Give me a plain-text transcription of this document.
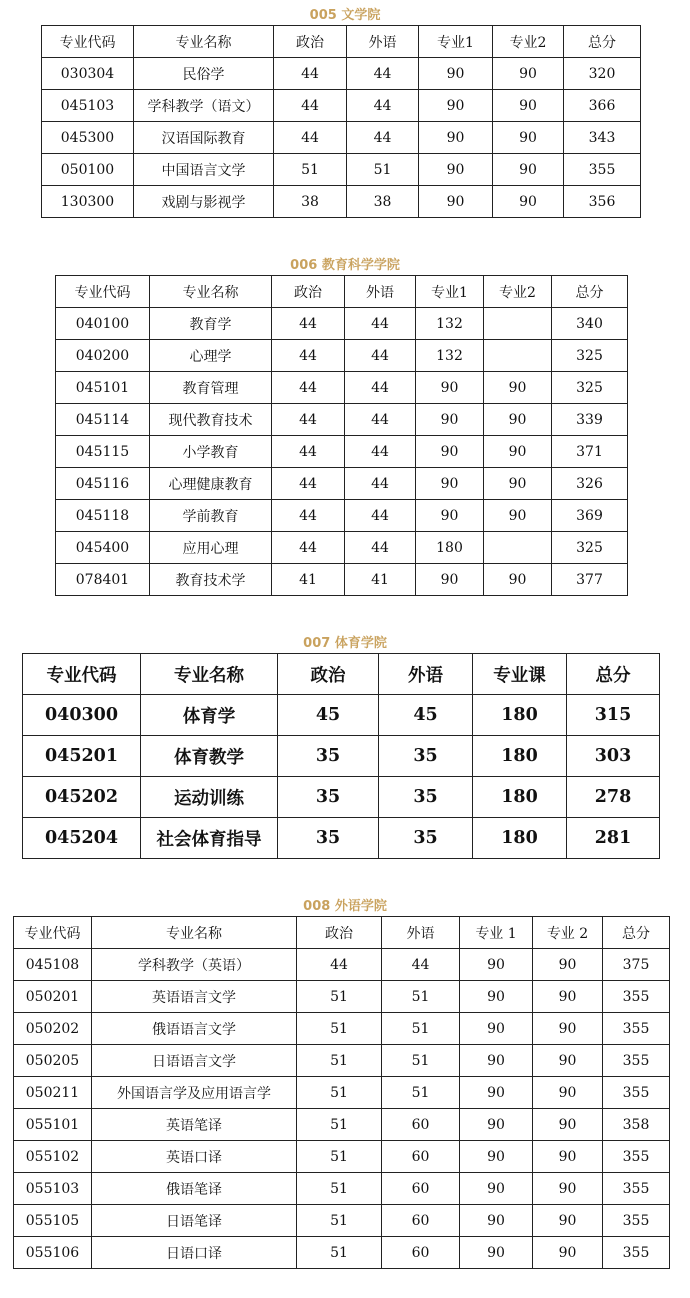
005 文学院
专业代码	专业名称	政治	外语	专业1	专业2	总分
030304	民俗学	44	44	90	90	320
045103	学科教学（语文）	44	44	90	90	366
045300	汉语国际教育	44	44	90	90	343
050100	中国语言文学	51	51	90	90	355
130300	戏剧与影视学	38	38	90	90	356
006 教育科学学院
专业代码	专业名称	政治	外语	专业1	专业2	总分
040100	教育学	44	44	132		340
040200	心理学	44	44	132		325
045101	教育管理	44	44	90	90	325
045114	现代教育技术	44	44	90	90	339
045115	小学教育	44	44	90	90	371
045116	心理健康教育	44	44	90	90	326
045118	学前教育	44	44	90	90	369
045400	应用心理	44	44	180		325
078401	教育技术学	41	41	90	90	377
007 体育学院
专业代码	专业名称	政治	外语	专业课	总分
040300	体育学	45	45	180	315
045201	体育教学	35	35	180	303
045202	运动训练	35	35	180	278
045204	社会体育指导	35	35	180	281
008 外语学院
专业代码	专业名称	政治	外语	专业 1	专业 2	总分
045108	学科教学（英语）	44	44	90	90	375
050201	英语语言文学	51	51	90	90	355
050202	俄语语言文学	51	51	90	90	355
050205	日语语言文学	51	51	90	90	355
050211	外国语言学及应用语言学	51	51	90	90	355
055101	英语笔译	51	60	90	90	358
055102	英语口译	51	60	90	90	355
055103	俄语笔译	51	60	90	90	355
055105	日语笔译	51	60	90	90	355
055106	日语口译	51	60	90	90	355
